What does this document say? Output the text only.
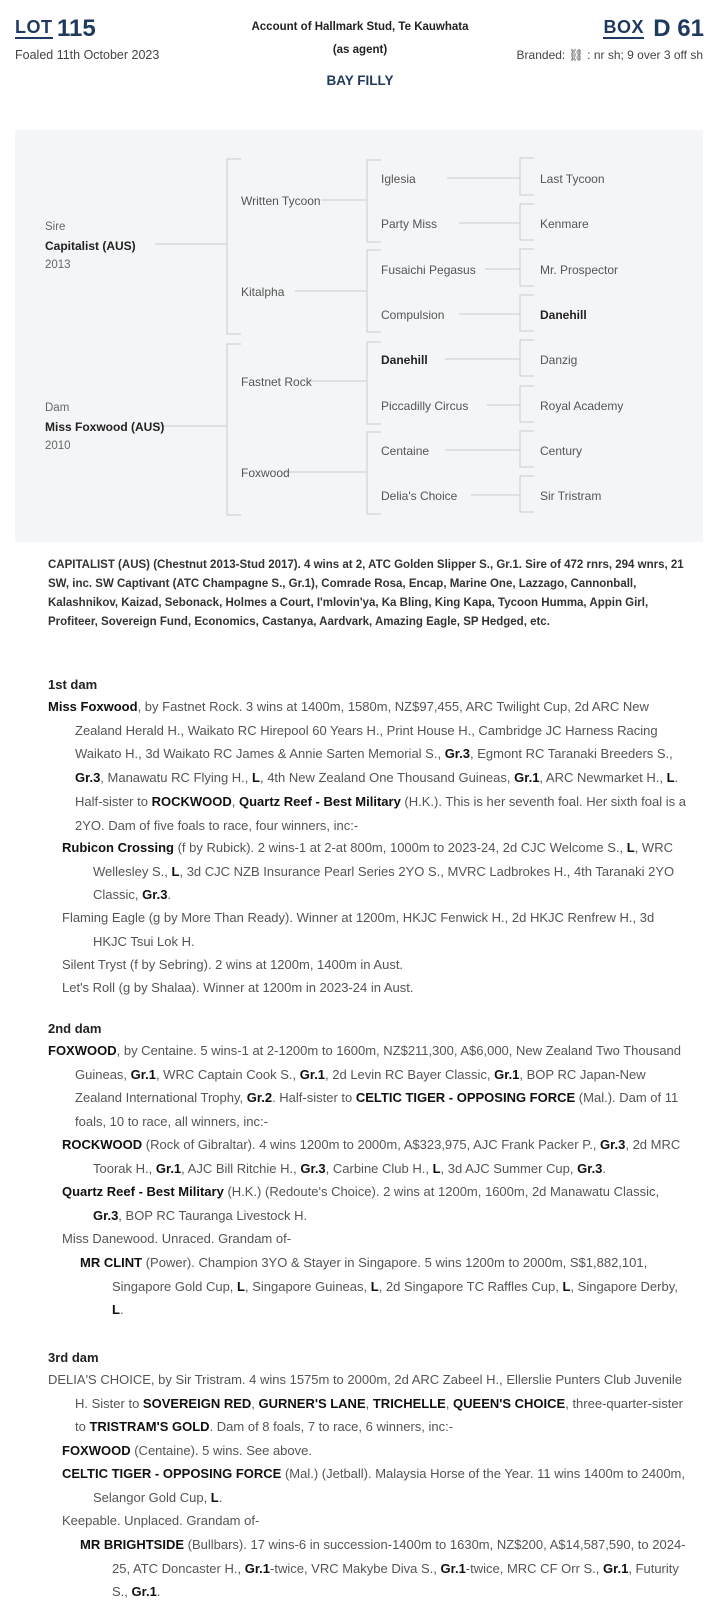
LOT 115
Foaled 11th October 2023
Account of Hallmark Stud, Te Kauwhata
(as agent)
BAY FILLY
BOX D 61
Branded: ⛓ : nr sh; 9 over 3 off sh
Sire
Capitalist (AUS)
2013
Dam
Miss Foxwood (AUS)
2010
Written Tycoon
Kitalpha
Fastnet Rock
Foxwood
Iglesia
Party Miss
Fusaichi Pegasus
Compulsion
Danehill
Piccadilly Circus
Centaine
Delia's Choice
Last Tycoon
Kenmare
Mr. Prospector
Danehill
Danzig
Royal Academy
Century
Sir Tristram
CAPITALIST (AUS) (Chestnut 2013-Stud 2017). 4 wins at 2, ATC Golden Slipper S., Gr.1. Sire of 472 rnrs, 294 wnrs, 21 SW, inc. SW Captivant (ATC Champagne S., Gr.1), Comrade Rosa, Encap, Marine One, Lazzago, Cannonball, Kalashnikov, Kaizad, Sebonack, Holmes a Court, I'mlovin'ya, Ka Bling, King Kapa, Tycoon Humma, Appin Girl, Profiteer, Sovereign Fund, Economics, Castanya, Aardvark, Amazing Eagle, SP Hedged, etc.
1st dam
Miss Foxwood, by Fastnet Rock. 3 wins at 1400m, 1580m, NZ$97,455, ARC Twilight Cup, 2d ARC New Zealand Herald H., Waikato RC Hirepool 60 Years H., Print House H., Cambridge JC Harness Racing Waikato H., 3d Waikato RC James & Annie Sarten Memorial S., Gr.3, Egmont RC Taranaki Breeders S., Gr.3, Manawatu RC Flying H., L, 4th New Zealand One Thousand Guineas, Gr.1, ARC Newmarket H., L. Half-sister to ROCKWOOD, Quartz Reef - Best Military (H.K.). This is her seventh foal. Her sixth foal is a 2YO. Dam of five foals to race, four winners, inc:-
Rubicon Crossing (f by Rubick). 2 wins-1 at 2-at 800m, 1000m to 2023-24, 2d CJC Welcome S., L, WRC Wellesley S., L, 3d CJC NZB Insurance Pearl Series 2YO S., MVRC Ladbrokes H., 4th Taranaki 2YO Classic, Gr.3.
Flaming Eagle (g by More Than Ready). Winner at 1200m, HKJC Fenwick H., 2d HKJC Renfrew H., 3d HKJC Tsui Lok H.
Silent Tryst (f by Sebring). 2 wins at 1200m, 1400m in Aust.
Let's Roll (g by Shalaa). Winner at 1200m in 2023-24 in Aust.
2nd dam
FOXWOOD, by Centaine. 5 wins-1 at 2-1200m to 1600m, NZ$211,300, A$6,000, New Zealand Two Thousand Guineas, Gr.1, WRC Captain Cook S., Gr.1, 2d Levin RC Bayer Classic, Gr.1, BOP RC Japan-New Zealand International Trophy, Gr.2. Half-sister to CELTIC TIGER - OPPOSING FORCE (Mal.). Dam of 11 foals, 10 to race, all winners, inc:-
ROCKWOOD (Rock of Gibraltar). 4 wins 1200m to 2000m, A$323,975, AJC Frank Packer P., Gr.3, 2d MRC Toorak H., Gr.1, AJC Bill Ritchie H., Gr.3, Carbine Club H., L, 3d AJC Summer Cup, Gr.3.
Quartz Reef - Best Military (H.K.) (Redoute's Choice). 2 wins at 1200m, 1600m, 2d Manawatu Classic, Gr.3, BOP RC Tauranga Livestock H.
Miss Danewood. Unraced. Grandam of-
MR CLINT (Power). Champion 3YO & Stayer in Singapore. 5 wins 1200m to 2000m, S$1,882,101, Singapore Gold Cup, L, Singapore Guineas, L, 2d Singapore TC Raffles Cup, L, Singapore Derby, L.
3rd dam
DELIA'S CHOICE, by Sir Tristram. 4 wins 1575m to 2000m, 2d ARC Zabeel H., Ellerslie Punters Club Juvenile H. Sister to SOVEREIGN RED, GURNER'S LANE, TRICHELLE, QUEEN'S CHOICE, three-quarter-sister to TRISTRAM'S GOLD. Dam of 8 foals, 7 to race, 6 winners, inc:-
FOXWOOD (Centaine). 5 wins. See above.
CELTIC TIGER - OPPOSING FORCE (Mal.) (Jetball). Malaysia Horse of the Year. 11 wins 1400m to 2400m, Selangor Gold Cup, L.
Keepable. Unplaced. Grandam of-
MR BRIGHTSIDE (Bullbars). 17 wins-6 in succession-1400m to 1630m, NZ$200, A$14,587,590, to 2024-25, ATC Doncaster H., Gr.1-twice, VRC Makybe Diva S., Gr.1-twice, MRC CF Orr S., Gr.1, Futurity S., Gr.1.
